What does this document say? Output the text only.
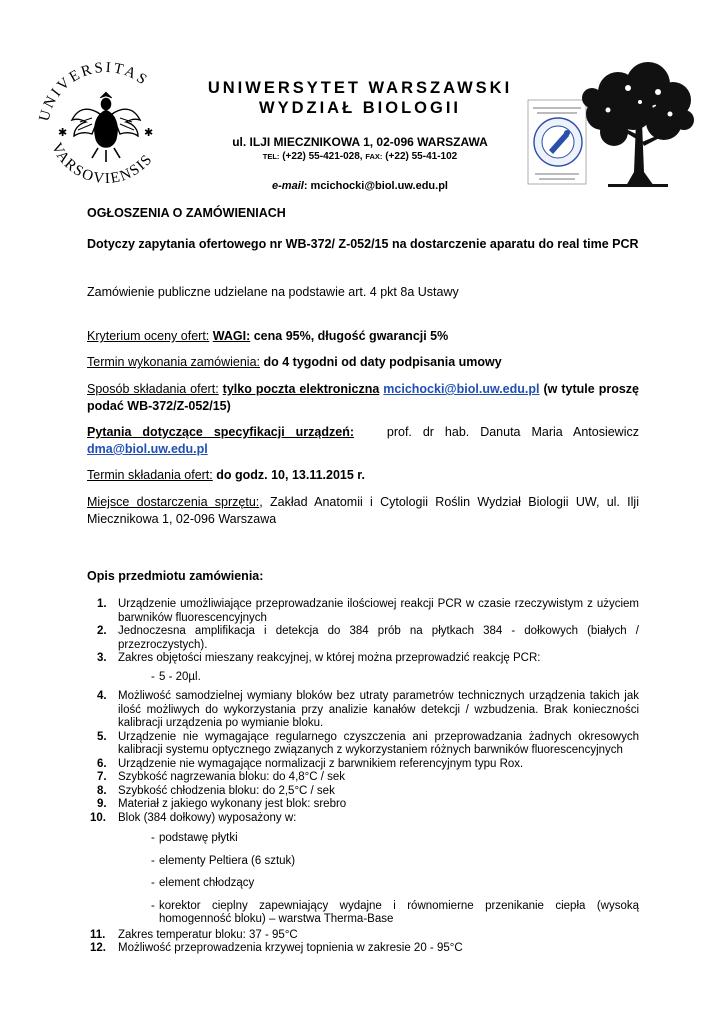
UNIVERSITAS
VARSOVIENSIS
✱	✱
UNIWERSYTET WARSZAWSKI
WYDZIAŁ BIOLOGII
ul. ILJI MIECZNIKOWA 1, 02-096 WARSZAWA
TEL: (+22) 55-421-028, FAX: (+22) 55-41-102
e-mail: mcichocki@biol.uw.edu.pl
OGŁOSZENIA O ZAMÓWIENIACH
Dotyczy zapytania ofertowego nr WB-372/ Z-052/15 na dostarczenie aparatu do real time PCR
Zamówienie publiczne udzielane na podstawie art. 4 pkt 8a Ustawy
Kryterium oceny ofert: WAGI: cena 95%, długość gwarancji 5%
Termin wykonania zamówienia: do 4 tygodni od daty podpisania umowy
Sposób składania ofert: tylko poczta elektroniczna mcichocki@biol.uw.edu.pl (w tytule proszę podać WB-372/Z-052/15)
Pytania dotyczące specyfikacji urządzeń:	prof. dr hab. Danuta Maria Antosiewicz dma@biol.uw.edu.pl
Termin składania ofert: do godz. 10, 13.11.2015 r.
Miejsce dostarczenia sprzętu:, Zakład Anatomii i Cytologii Roślin Wydział Biologii UW, ul. Ilji Miecznikowa 1, 02-096 Warszawa
Opis przedmiotu zamówienia:
1. Urządzenie umożliwiające przeprowadzanie ilościowej reakcji PCR w czasie rzeczywistym z użyciem barwników fluorescencyjnych
2. Jednoczesna amplifikacja i detekcja do 384 prób na płytkach 384 - dołkowych (białych / przezroczystych).
3. Zakres objętości mieszany reakcyjnej, w której można przeprowadzić reakcję PCR:
- 5 - 20µl.
4. Możliwość samodzielnej wymiany bloków bez utraty parametrów technicznych urządzenia takich jak ilość możliwych do wykorzystania przy analizie kanałów detekcji / wzbudzenia. Brak konieczności kalibracji urządzenia po wymianie bloku.
5. Urządzenie nie wymagające regularnego czyszczenia ani przeprowadzania żadnych okresowych kalibracji systemu optycznego związanych z wykorzystaniem różnych barwników fluorescencyjnych
6. Urządzenie nie wymagające normalizacji z barwnikiem referencyjnym typu Rox.
7. Szybkość nagrzewania bloku: do 4,8°C / sek
8. Szybkość chłodzenia bloku: do 2,5°C / sek
9. Materiał z jakiego wykonany jest blok: srebro
10. Blok (384 dołkowy) wyposażony w:
- podstawę płytki
- elementy Peltiera (6 sztuk)
- element chłodzący
- korektor cieplny zapewniający wydajne i równomierne przenikanie ciepła (wysoką homogenność bloku) – warstwa Therma-Base
11. Zakres temperatur bloku: 37 - 95°C
12. Możliwość przeprowadzenia krzywej topnienia w zakresie 20 - 95°C
